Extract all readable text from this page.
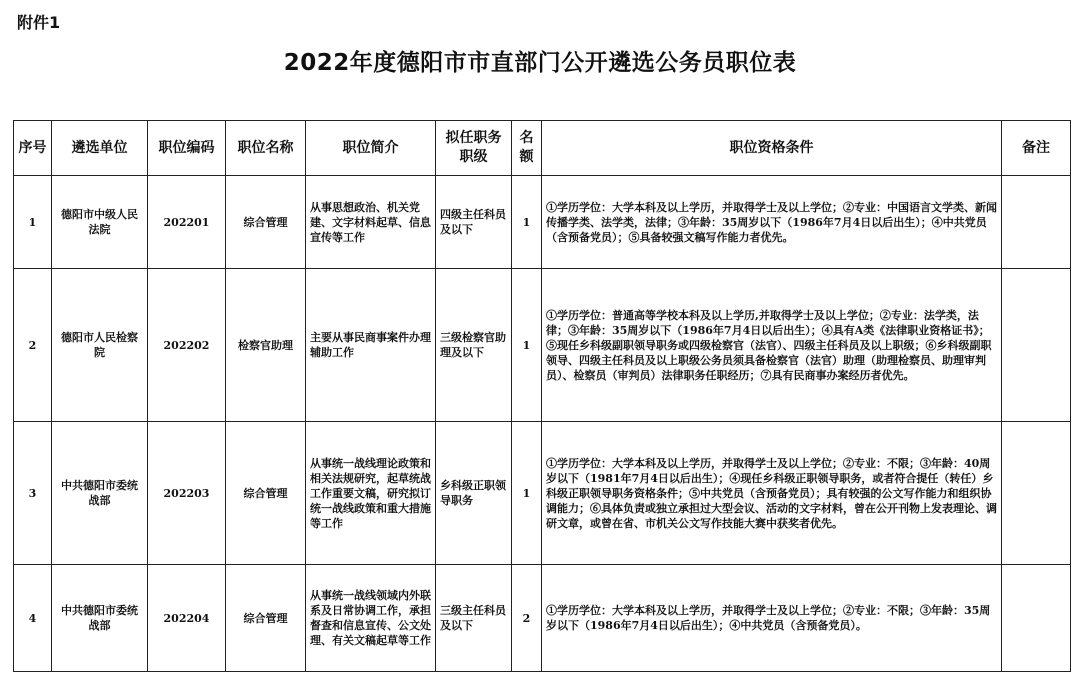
附件1
2022年度德阳市市直部门公开遴选公务员职位表
序号	遴选单位	职位编码	职位名称	职位简介	拟任职务职级	名额	职位资格条件	备注
1	德阳市中级人民法院	202201	综合管理	从事思想政治、机关党建、文字材料起草、信息宣传等工作	四级主任科员及以下	1	①学历学位：大学本科及以上学历，并取得学士及以上学位；②专业：中国语言文学类、新闻传播学类、法学类，法律；③年龄：35周岁以下（1986年7月4日以后出生）；④中共党员（含预备党员）；⑤具备较强文稿写作能力者优先。	
2	德阳市人民检察院	202202	检察官助理	主要从事民商事案件办理辅助工作	三级检察官助理及以下	1	①学历学位：普通高等学校本科及以上学历,并取得学士及以上学位；②专业：法学类，法律；③年龄：35周岁以下（1986年7月4日以后出生）；④具有A类《法律职业资格证书》；⑤现任乡科级副职领导职务或四级检察官（法官）、四级主任科员及以上职级；⑥乡科级副职领导、四级主任科员及以上职级公务员须具备检察官（法官）助理（助理检察员、助理审判员）、检察员（审判员）法律职务任职经历；⑦具有民商事办案经历者优先。	
3	中共德阳市委统战部	202203	综合管理	从事统一战线理论政策和相关法规研究，起草统战工作重要文稿，研究拟订统一战线政策和重大措施等工作	乡科级正职领导职务	1	①学历学位：大学本科及以上学历，并取得学士及以上学位；②专业：不限；③年龄：40周岁以下（1981年7月4日以后出生）；④现任乡科级正职领导职务，或者符合提任（转任）乡科级正职领导职务资格条件；⑤中共党员（含预备党员）；具有较强的公文写作能力和组织协调能力；⑥具体负责或独立承担过大型会议、活动的文字材料，曾在公开刊物上发表理论、调研文章，或曾在省、市机关公文写作技能大赛中获奖者优先。	
4	中共德阳市委统战部	202204	综合管理	从事统一战线领域内外联系及日常协调工作，承担督查和信息宣传、公文处理、有关文稿起草等工作	三级主任科员及以下	2	①学历学位：大学本科及以上学历，并取得学士及以上学位；②专业：不限；③年龄：35周岁以下（1986年7月4日以后出生）；④中共党员（含预备党员）。	
